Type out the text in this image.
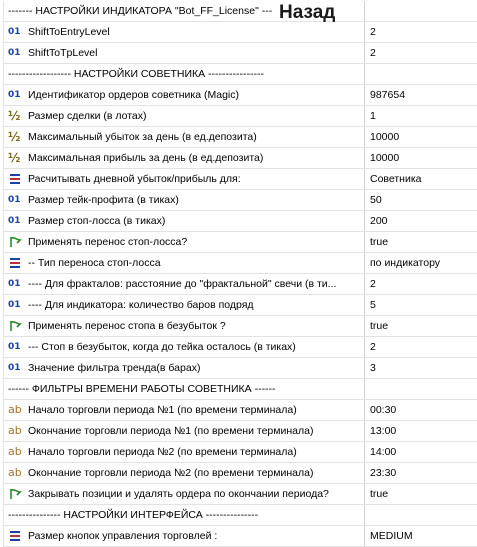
------- НАСТРОЙКИ ИНДИКАТОРА "Bot_FF_License" ---
01 ShiftToEntryLevel	2
01 ShiftToTpLevel	2
------------------ НАСТРОЙКИ СОВЕТНИКА ----------------
01 Идентификатор ордеров советника (Magic)	987654
½ Размер сделки (в лотах)	1
½ Максимальный убыток за день (в ед.депозита)	10000
½ Максимальная прибыль за день (в ед.депозита)	10000
Расчитывать дневной убыток/прибыль для:	Советника
01 Размер тейк-профита (в тиках)	50
01 Размер стоп-лосса (в тиках)	200
Применять перенос стоп-лосса?	true
-- Тип переноса стоп-лосса	по индикатору
01 ---- Для фракталов: расстояние до "фрактальной" свечи (в ти...	2
01 ---- Для индикатора: количество баров подряд	5
Применять перенос стопа в безубыток ?	true
01 --- Стоп в безубыток, когда до тейка осталось (в тиках)	2
01 Значение фильтра тренда(в барах)	3
------ ФИЛЬТРЫ ВРЕМЕНИ РАБОТЫ СОВЕТНИКА ------
ab Начало торговли периода №1 (по времени терминала)	00:30
ab Окончание торговли периода №1 (по времени терминала)	13:00
ab Начало торговли периода №2 (по времени терминала)	14:00
ab Окончание торговли периода №2 (по времени терминала)	23:30
Закрывать позиции и удалять ордера по окончании периода?	true
--------------- НАСТРОЙКИ ИНТЕРФЕЙСА ---------------
Размер кнопок управления торговлей :	MEDIUM
Назад
